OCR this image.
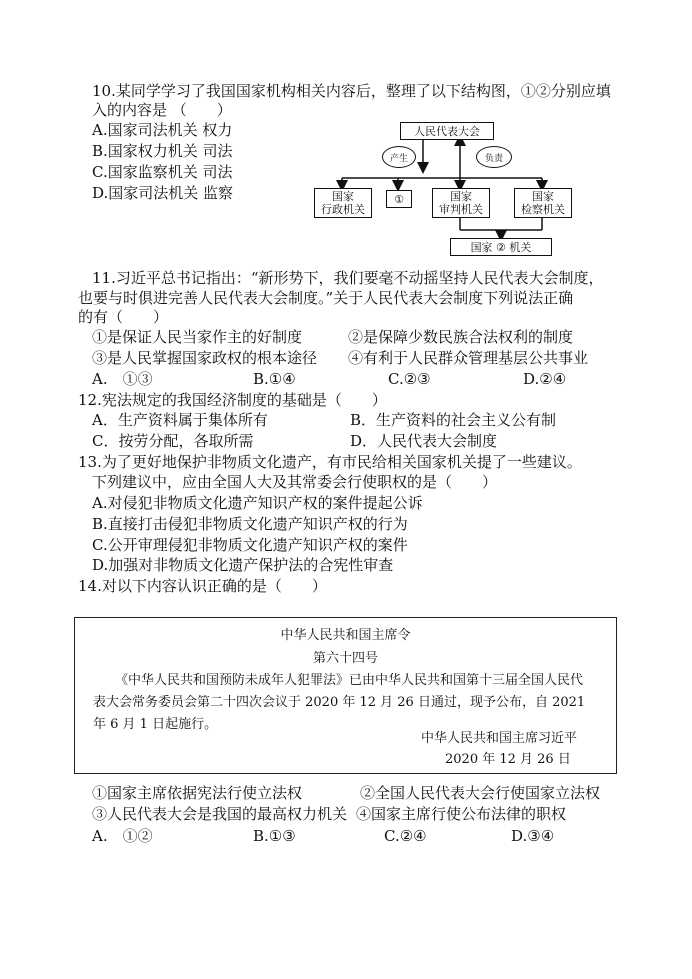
10.某同学学习了我国国家机构相关内容后，整理了以下结构图，①②分别应填
入的内容是 （　　）
A.国家司法机关 权力
B.国家权力机关 司法
C.国家监察机关 司法
D.国家司法机关 监察
人民代表大会
产生	负责
国家
行政机关
①	国家
审判机关
国家
检察机关
国家 ② 机关
11.习近平总书记指出：“新形势下，我们要毫不动摇坚持人民代表大会制度，
也要与时俱进完善人民代表大会制度。”关于人民代表大会制度下列说法正确
的有（　　）
①是保证人民当家作主的好制度	②是保障少数民族合法权利的制度
③是人民掌握国家政权的根本途径 ④有利于人民群众管理基层公共事业
A.　①③	B.①④	C.②③	D.②④
12.宪法规定的我国经济制度的基础是（　　）
A．生产资料属于集体所有	B．生产资料的社会主义公有制
C．按劳分配，各取所需	D．人民代表大会制度
13.为了更好地保护非物质文化遗产，有市民给相关国家机关提了一些建议。
下列建议中，应由全国人大及其常委会行使职权的是（　　）
A.对侵犯非物质文化遗产知识产权的案件提起公诉
B.直接打击侵犯非物质文化遗产知识产权的行为
C.公开审理侵犯非物质文化遗产知识产权的案件
D.加强对非物质文化遗产保护法的合宪性审查
14.对以下内容认识正确的是（　　）
中华人民共和国主席令
第六十四号
《中华人民共和国预防未成年人犯罪法》已由中华人民共和国第十三届全国人民代
表大会常务委员会第二十四次会议于 2020 年 12 月 26 日通过，现予公布，自 2021
年 6 月 1 日起施行。
中华人民共和国主席习近平
2020 年 12 月 26 日
①国家主席依据宪法行使立法权	②全国人民代表大会行使国家立法权
③人民代表大会是我国的最高权力机关 ④国家主席行使公布法律的职权
A.　①②	B.①③	C.②④	D.③④
